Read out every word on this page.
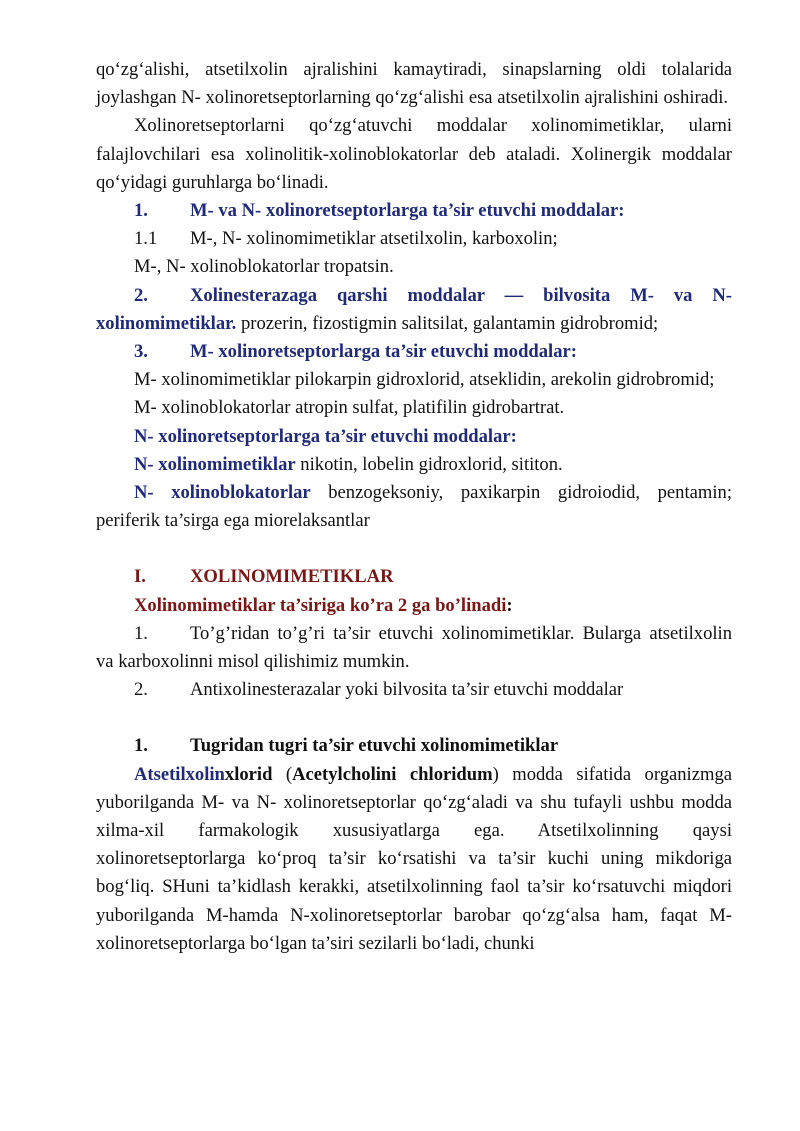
qo‘zg‘alishi, atsetilxolin ajralishini kamaytiradi, sinapslarning oldi tolalarida joylashgan N- xolinoretseptorlarning qo‘zg‘alishi esa atsetilxolin ajralishini oshiradi.

Xolinoretseptorlarni qo‘zg‘atuvchi moddalar xolinomimetiklar, ularni falajlovchilari esa xolinolitik-xolinoblokatorlar deb ataladi. Xolinergik moddalar qo‘yidagi guruhlarga bo‘linadi.

1. M- va N- xolinoretseptorlarga ta’sir etuvchi moddalar:

1.1 M-, N- xolinomimetiklar atsetilxolin, karboxolin;

M-, N- xolinoblokatorlar tropatsin.

2. Xolinesterazaga qarshi moddalar — bilvosita M- va N- xolinomimetiklar. prozerin, fizostigmin salitsilat, galantamin gidrobromid;

3. M- xolinoretseptorlarga ta’sir etuvchi moddalar:

M- xolinomimetiklar pilokarpin gidroxlorid, atseklidin, arekolin gidrobromid;

M- xolinoblokatorlar atropin sulfat, platifilin gidrobartrat.

N- xolinoretseptorlarga ta’sir etuvchi moddalar:

N- xolinomimetiklar nikotin, lobelin gidroxlorid, sititon.

N- xolinoblokatorlar benzogeksoniy, paxikarpin gidroiodid, pentamin; periferik ta’sirga ega miorelaksantlar

I. XOLINOMIMETIKLAR

Xolinomimetiklar ta’siriga ko’ra 2 ga bo’linadi:

1. To’g’ridan to’g’ri ta’sir etuvchi xolinomimetiklar. Bularga atsetilxolin va karboxolinni misol qilishimiz mumkin.

2. Antixolinesterazalar yoki bilvosita ta’sir etuvchi moddalar

1. Tugridan tugri ta’sir etuvchi xolinomimetiklar

Atsetilxolinxlorid (Acetylcholini chloridum) modda sifatida organizmga yuborilganda M- va N- xolinoretseptorlar qo‘zg‘aladi va shu tufayli ushbu modda xilma-xil farmakologik xususiyatlarga ega. Atsetilxolinning qaysi xolinoretseptorlarga ko‘proq ta’sir ko‘rsatishi va ta’sir kuchi uning mikdoriga bog‘liq. SHuni ta’kidlash kerakki, atsetilxolinning faol ta’sir ko‘rsatuvchi miqdori yuborilganda M-hamda N-xolinoretseptorlar barobar qo‘zg‘alsa ham, faqat M- xolinoretseptorlarga bo‘lgan ta’siri sezilarli bo‘ladi, chunki
